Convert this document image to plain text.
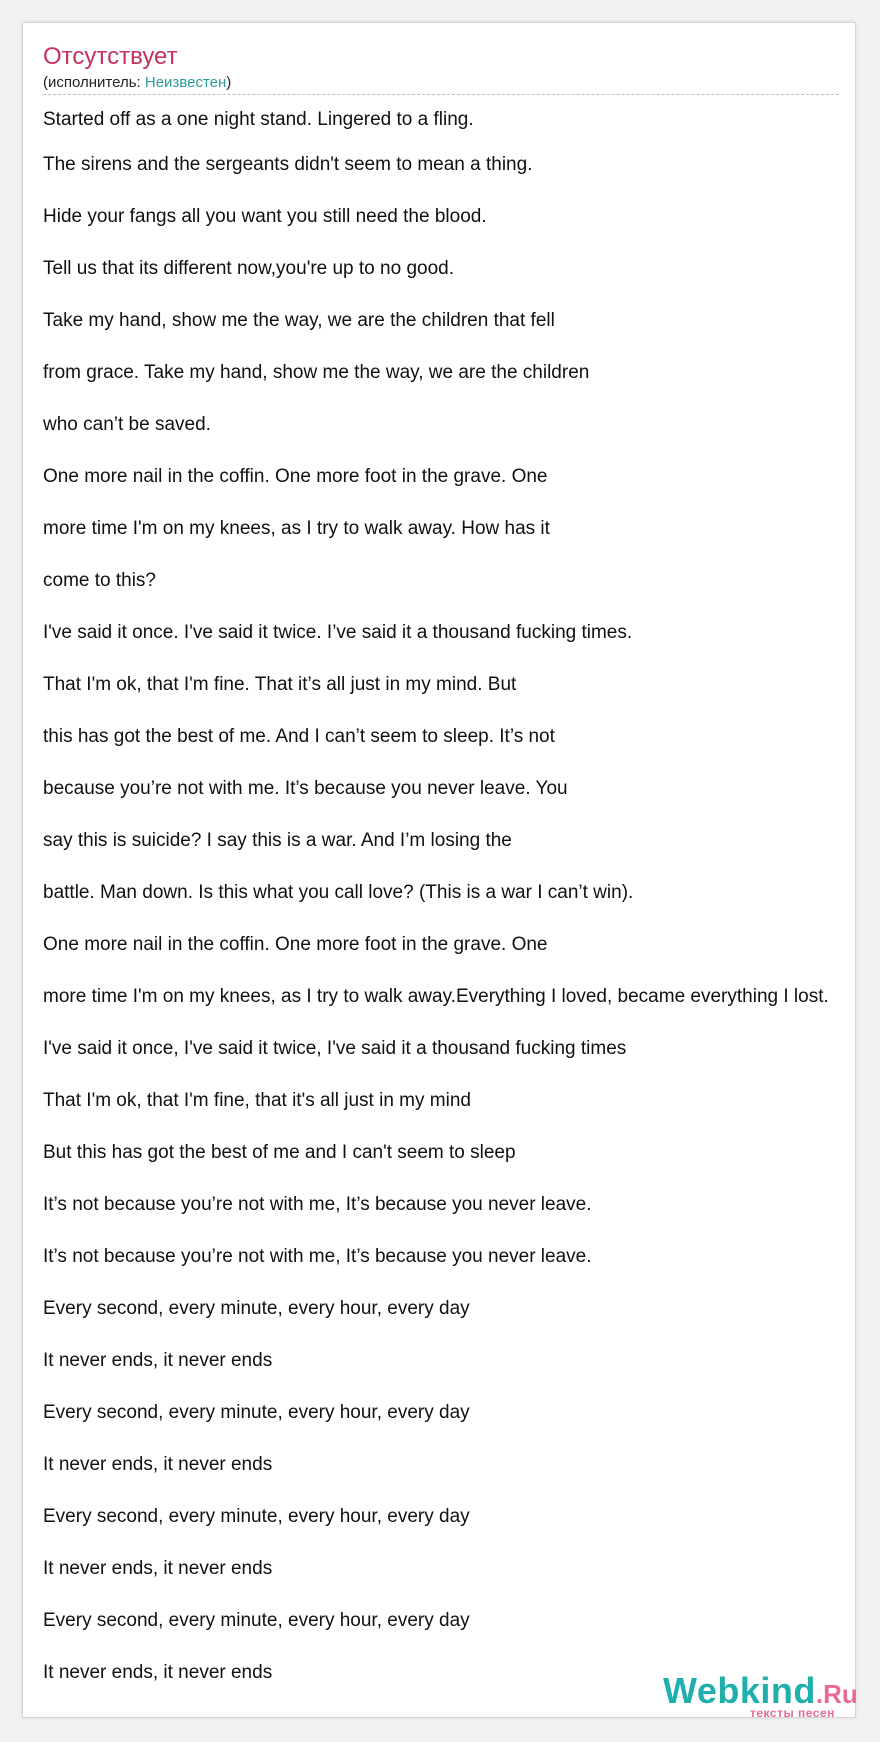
Отсутствует
(исполнитель: Неизвестен)
Started off as a one night stand. Lingered to a fling.
The sirens and the sergeants didn't seem to mean a thing.
Hide your fangs all you want you still need the blood.
Tell us that its different now,you're up to no good.
Take my hand, show me the way, we are the children that fell
from grace. Take my hand, show me the way, we are the children
who can’t be saved.
One more nail in the coffin. One more foot in the grave. One
more time I'm on my knees, as I try to walk away. How has it
come to this?
I've said it once. I've said it twice. I’ve said it a thousand fucking times.
That I'm ok, that I'm fine. That it’s all just in my mind. But
this has got the best of me. And I can’t seem to sleep. It’s not
because you’re not with me. It’s because you never leave. You
say this is suicide? I say this is a war. And I’m losing the
battle. Man down. Is this what you call love? (This is a war I can’t win).
One more nail in the coffin. One more foot in the grave. One
more time I'm on my knees, as I try to walk away.Everything I loved, became everything I lost.
I've said it once, I've said it twice, I've said it a thousand fucking times
That I'm ok, that I'm fine, that it's all just in my mind
But this has got the best of me and I can't seem to sleep
It’s not because you’re not with me, It’s because you never leave.
It’s not because you’re not with me, It’s because you never leave.
Every second, every minute, every hour, every day
It never ends, it never ends
Every second, every minute, every hour, every day
It never ends, it never ends
Every second, every minute, every hour, every day
It never ends, it never ends
Every second, every minute, every hour, every day
It never ends, it never ends	Webkind.Ru
тексты песен
